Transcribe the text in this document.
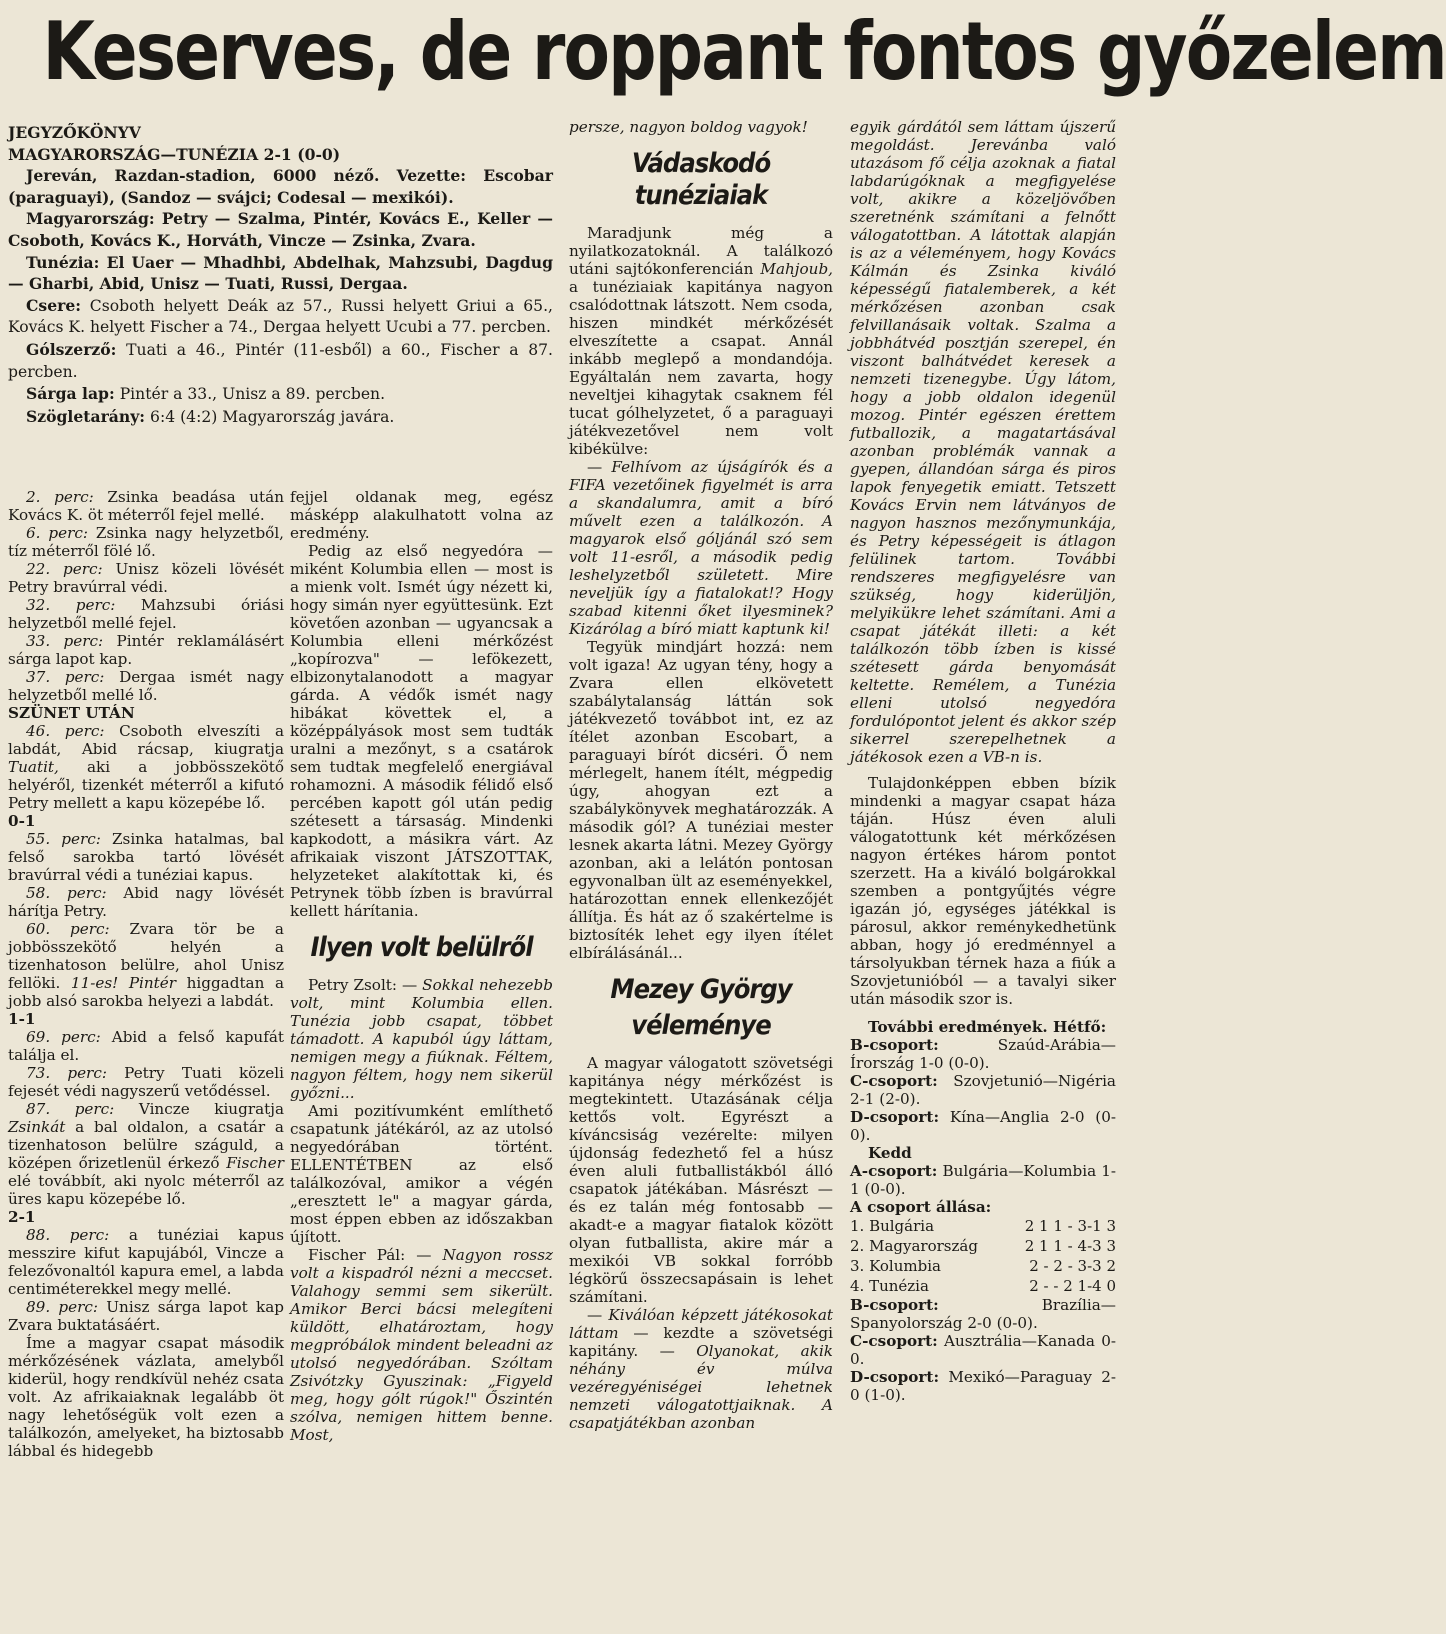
Keserves, de roppant fontos győzelem

JEGYZŐKÖNYV

MAGYARORSZÁG—TUNÉZIA 2-1 (0-0)

Jereván, Razdan-stadion, 6000 néző. Vezette: Escobar (paraguayi), (Sandoz — svájci; Codesal — mexikói).

Magyarország: Petry — Szalma, Pintér, Kovács E., Keller — Csoboth, Kovács K., Horváth, Vincze — Zsinka, Zvara.

Tunézia: El Uaer — Mhadhbi, Abdelhak, Mahzsubi, Dagdug — Gharbi, Abid, Unisz — Tuati, Russi, Dergaa.

Csere: Csoboth helyett Deák az 57., Russi helyett Griui a 65., Kovács K. helyett Fischer a 74., Dergaa helyett Ucubi a 77. percben.

Gólszerző: Tuati a 46., Pintér (11-esből) a 60., Fischer a 87. percben.

Sárga lap: Pintér a 33., Unisz a 89. percben.

Szögletarány: 6:4 (4:2) Magyarország javára.

2. perc: Zsinka beadása után Kovács K. öt méterről fejel mellé.

6. perc: Zsinka nagy helyzetből, tíz méterről fölé lő.

22. perc: Unisz közeli lövését Petry bravúrral védi.

32. perc: Mahzsubi óriási helyzetből mellé fejel.

33. perc: Pintér reklamálásért sárga lapot kap.

37. perc: Dergaa ismét nagy helyzetből mellé lő.

SZÜNET UTÁN

46. perc: Csoboth elveszíti a labdát, Abid rácsap, kiugratja Tuatit, aki a jobbösszekötő helyéről, tizenkét méterről a kifutó Petry mellett a kapu közepébe lő.

0-1

55. perc: Zsinka hatalmas, bal felső sarokba tartó lövését bravúrral védi a tunéziai kapus.

58. perc: Abid nagy lövését hárítja Petry.

60. perc: Zvara tör be a jobbösszekötő helyén a tizenhatoson belülre, ahol Unisz fellöki. 11-es! Pintér higgadtan a jobb alsó sarokba helyezi a labdát.

1-1

69. perc: Abid a felső kapufát találja el.

73. perc: Petry Tuati közeli fejesét védi nagyszerű vetődéssel.

87. perc: Vincze kiugratja Zsinkát a bal oldalon, a csatár a tizenhatoson belülre száguld, a középen őrizetlenül érkező Fischer elé továbbít, aki nyolc méterről az üres kapu közepébe lő.

2-1

88. perc: a tunéziai kapus messzire kifut kapujából, Vincze a felezővonaltól kapura emel, a labda centiméterekkel megy mellé.

89. perc: Unisz sárga lapot kap Zvara buktatásáért.

Íme a magyar csapat második mérkőzésének vázlata, amelyből kiderül, hogy rendkívül nehéz csata volt. Az afrikaiaknak legalább öt nagy lehetőségük volt ezen a találkozón, amelyeket, ha biztosabb lábbal és hidegebb

fejjel oldanak meg, egész másképp alakulhatott volna az eredmény.

Pedig az első negyedóra — miként Kolumbia ellen — most is a mienk volt. Ismét úgy nézett ki, hogy simán nyer együttesünk. Ezt követően azonban — ugyancsak a Kolumbia elleni mérkőzést „kopírozva" — lefökezett, elbizonytalanodott a magyar gárda. A védők ismét nagy hibákat követtek el, a középpályások most sem tudták uralni a mezőnyt, s a csatárok sem tudtak megfelelő energiával rohamozni. A második félidő első percében kapott gól után pedig szétesett a társaság. Mindenki kapkodott, a másikra várt. Az afrikaiak viszont JÁTSZOTTAK, helyzeteket alakítottak ki, és Petrynek több ízben is bravúrral kellett hárítania.

Ilyen volt belülről

Petry Zsolt: — Sokkal nehezebb volt, mint Kolumbia ellen. Tunézia jobb csapat, többet támadott. A kapuból úgy láttam, nemigen megy a fiúknak. Féltem, nagyon féltem, hogy nem sikerül győzni...

Ami pozitívumként említhető csapatunk játékáról, az az utolsó negyedórában történt. ELLENTÉTBEN az első találkozóval, amikor a végén „eresztett le" a magyar gárda, most éppen ebben az időszakban újított.

Fischer Pál: — Nagyon rossz volt a kispadról nézni a meccset. Valahogy semmi sem sikerült. Amikor Berci bácsi melegíteni küldött, elhatároztam, hogy megpróbálok mindent beleadni az utolsó negyedórában. Szóltam Zsivótzky Gyuszinak: „Figyeld meg, hogy gólt rúgok!" Őszintén szólva, nemigen hittem benne. Most,

persze, nagyon boldog vagyok!

Vádaskodó tunéziaiak

Maradjunk még a nyilatkozatoknál. A találkozó utáni sajtókonferencián Mahjoub, a tunéziaiak kapitánya nagyon csalódottnak látszott. Nem csoda, hiszen mindkét mérkőzését elveszítette a csapat. Annál inkább meglepő a mondandója. Egyáltalán nem zavarta, hogy neveltjei kihagytak csaknem fél tucat gólhelyzetet, ő a paraguayi játékvezetővel nem volt kibékülve:

— Felhívom az újságírók és a FIFA vezetőinek figyelmét is arra a skandalumra, amit a bíró művelt ezen a találkozón. A magyarok első góljánál szó sem volt 11-esről, a második pedig leshelyzetből született. Mire neveljük így a fiatalokat!? Hogy szabad kitenni őket ilyesminek? Kizárólag a bíró miatt kaptunk ki!

Tegyük mindjárt hozzá: nem volt igaza! Az ugyan tény, hogy a Zvara ellen elkövetett szabálytalanság láttán sok játékvezető továbbot int, ez az ítélet azonban Escobart, a paraguayi bírót dicséri. Ő nem mérlegelt, hanem ítélt, mégpedig úgy, ahogyan ezt a szabálykönyvek meghatározzák. A második gól? A tunéziai mester lesnek akarta látni. Mezey György azonban, aki a lelátón pontosan egyvonalban ült az eseményekkel, határozottan ennek ellenkezőjét állítja. És hát az ő szakértelme is biztosíték lehet egy ilyen ítélet elbírálásánál...

Mezey György
véleménye

A magyar válogatott szövetségi kapitánya négy mérkőzést is megtekintett. Utazásának célja kettős volt. Egyrészt a kíváncsiság vezérelte: milyen újdonság fedezhető fel a húsz éven aluli futballistákból álló csapatok játékában. Másrészt — és ez talán még fontosabb — akadt-e a magyar fiatalok között olyan futballista, akire már a mexikói VB sokkal forróbb légkörű összecsapásain is lehet számítani.

— Kiválóan képzett játékosokat láttam — kezdte a szövetségi kapitány. — Olyanokat, akik néhány év múlva vezéregyéniségei lehetnek nemzeti válogatottjaiknak. A csapatjátékban azonban

egyik gárdától sem láttam újszerű megoldást. Jerevánba való utazásom fő célja azoknak a fiatal labdarúgóknak a megfigyelése volt, akikre a közeljövőben szeretnénk számítani a felnőtt válogatottban. A látottak alapján is az a véleményem, hogy Kovács Kálmán és Zsinka kiváló képességű fiatalemberek, a két mérkőzésen azonban csak felvillanásaik voltak. Szalma a jobbhátvéd posztján szerepel, én viszont balhátvédet keresek a nemzeti tizenegybe. Úgy látom, hogy a jobb oldalon idegenül mozog. Pintér egészen érettem futballozik, a magatartásával azonban problémák vannak a gyepen, állandóan sárga és piros lapok fenyegetik emiatt. Tetszett Kovács Ervin nem látványos de nagyon hasznos mezőnymunkája, és Petry képességeit is átlagon felülinek tartom. További rendszeres megfigyelésre van szükség, hogy kiderüljön, melyikükre lehet számítani. Ami a csapat játékát illeti: a két találkozón több ízben is kissé szétesett gárda benyomását keltette. Remélem, a Tunézia elleni utolsó negyedóra fordulópontot jelent és akkor szép sikerrel szerepelhetnek a játékosok ezen a VB-n is.

Tulajdonképpen ebben bízik mindenki a magyar csapat háza táján. Húsz éven aluli válogatottunk két mérkőzésen nagyon értékes három pontot szerzett. Ha a kiváló bolgárokkal szemben a pontgyűjtés végre igazán jó, egységes játékkal is párosul, akkor reménykedhetünk abban, hogy jó eredménnyel a társolyukban térnek haza a fiúk a Szovjetunióból — a tavalyi siker után második szor is.

További eredmények. Hétfő:

B-csoport: Szaúd-Arábia—Írország 1-0 (0-0).

C-csoport: Szovjetunió—Nigéria 2-1 (2-0).

D-csoport: Kína—Anglia 2-0 (0-0).

Kedd

A-csoport: Bulgária—Kolumbia 1-1 (0-0).

A csoport állása:

1. Bulgária	2 1 1 - 3-1 3
2. Magyarország	2 1 1 - 4-3 3
3. Kolumbia	2 - 2 - 3-3 2
4. Tunézia	2 - - 2 1-4 0

B-csoport: Brazília—Spanyolország 2-0 (0-0).

C-csoport: Ausztrália—Kanada 0-0.

D-csoport: Mexikó—Paraguay 2-0 (1-0).
